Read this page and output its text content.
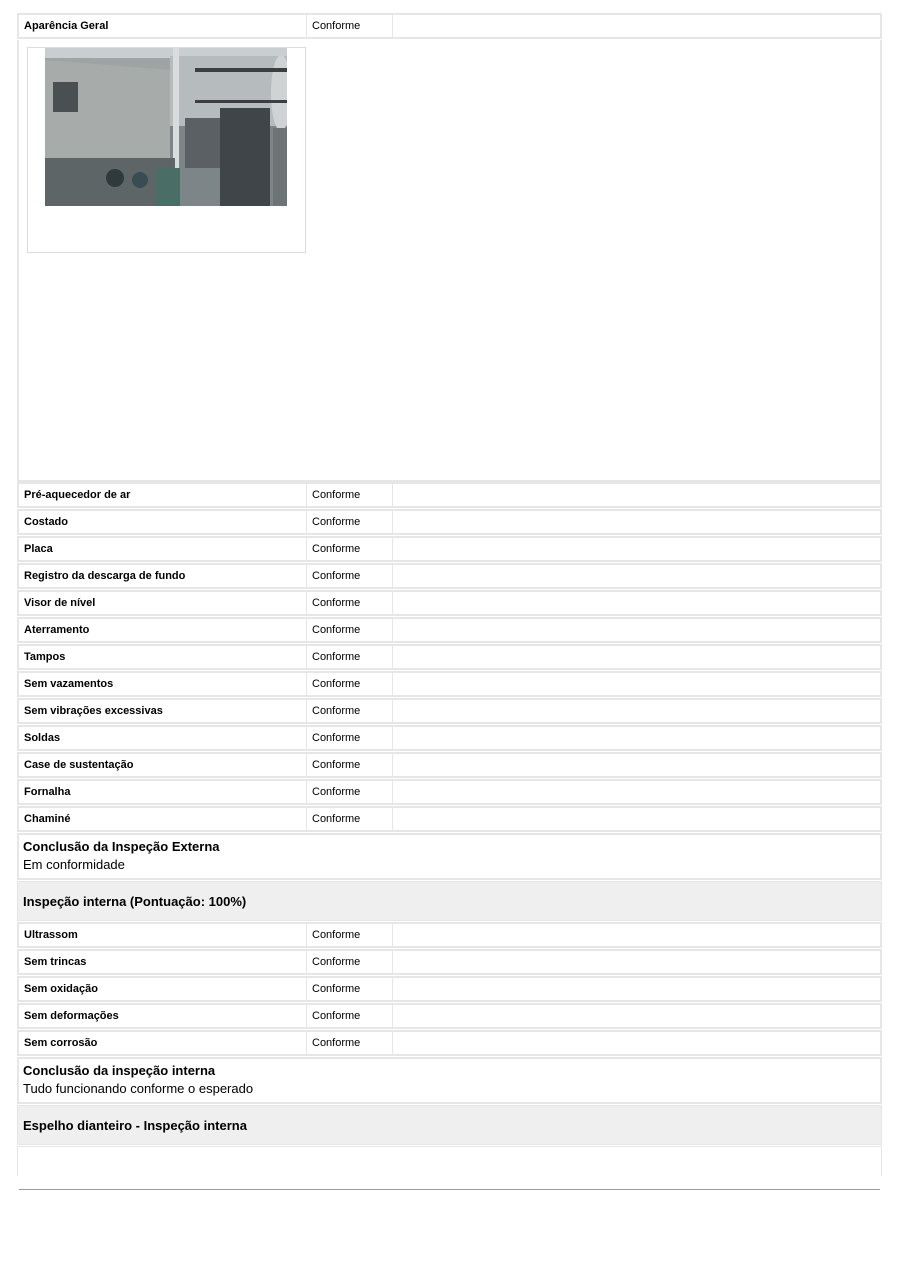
Aparência Geral	Conforme
Pré-aquecedor de ar	Conforme
Costado	Conforme
Placa	Conforme
Registro da descarga de fundo	Conforme
Visor de nível	Conforme
Aterramento	Conforme
Tampos	Conforme
Sem vazamentos	Conforme
Sem vibrações excessivas	Conforme
Soldas	Conforme
Case de sustentação	Conforme
Fornalha	Conforme
Chaminé	Conforme
Conclusão da Inspeção Externa
Em conformidade
Inspeção interna (Pontuação: 100%)
Ultrassom	Conforme
Sem trincas	Conforme
Sem oxidação	Conforme
Sem deformações	Conforme
Sem corrosão	Conforme
Conclusão da inspeção interna
Tudo funcionando conforme o esperado
Espelho dianteiro - Inspeção interna
